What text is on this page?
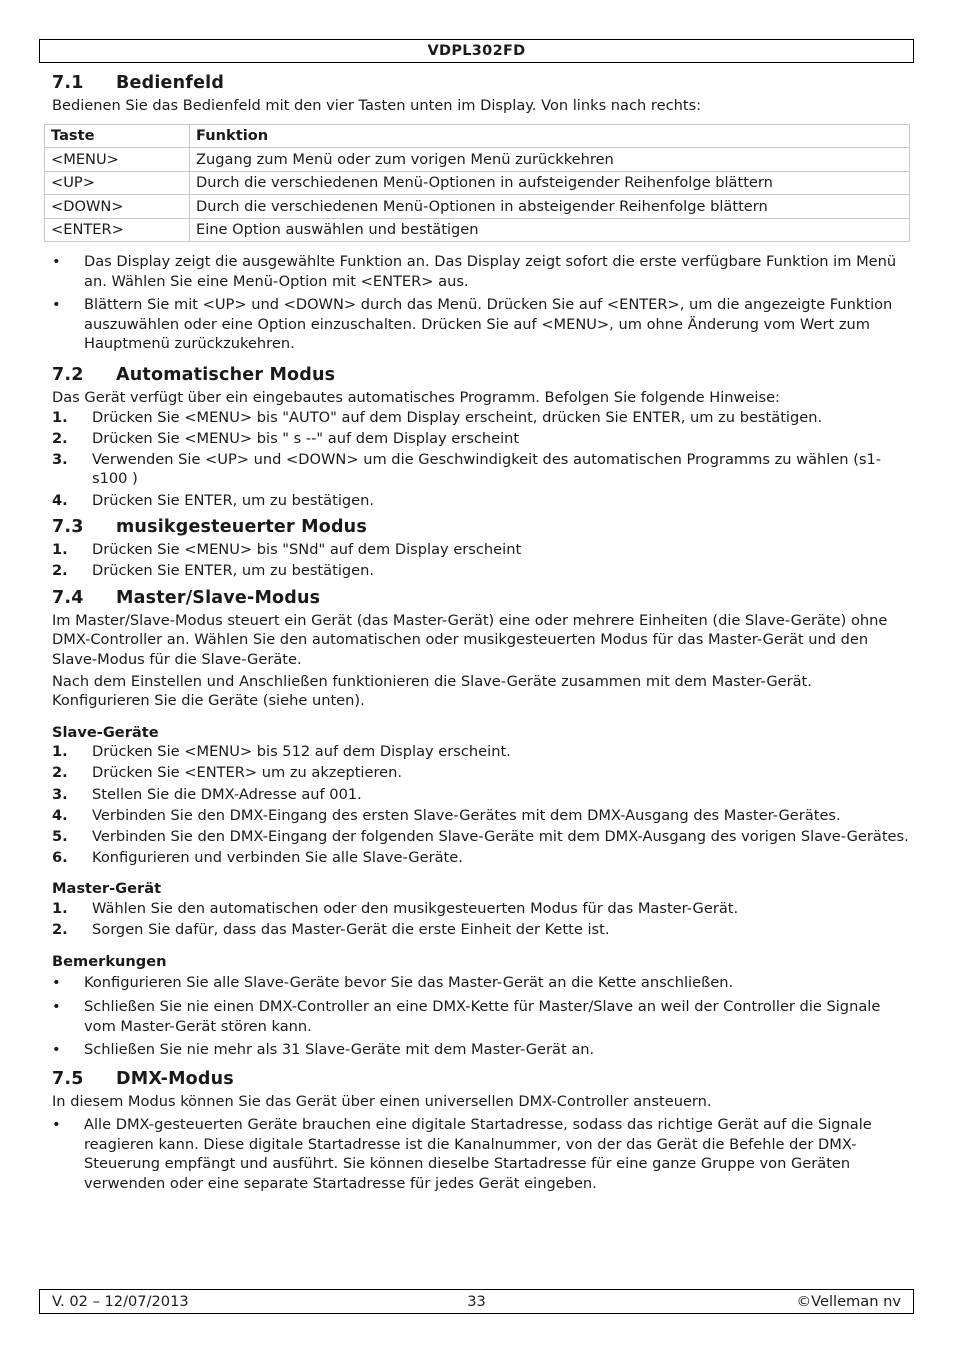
VDPL302FD
7.1 Bedienfeld

Bedienen Sie das Bedienfeld mit den vier Tasten unten im Display. Von links nach rechts:

Taste	Funktion
<MENU>	Zugang zum Menü oder zum vorigen Menü zurückkehren
<UP>	Durch die verschiedenen Menü-Optionen in aufsteigender Reihenfolge blättern
<DOWN>	Durch die verschiedenen Menü-Optionen in absteigender Reihenfolge blättern
<ENTER>	Eine Option auswählen und bestätigen
• Das Display zeigt die ausgewählte Funktion an. Das Display zeigt sofort die erste verfügbare Funktion im Menü an. Wählen Sie eine Menü-Option mit <ENTER> aus.
• Blättern Sie mit <UP> und <DOWN> durch das Menü. Drücken Sie auf <ENTER>, um die angezeigte Funktion auszuwählen oder eine Option einzuschalten. Drücken Sie auf <MENU>, um ohne Änderung vom Wert zum Hauptmenü zurückzukehren.
7.2 Automatischer Modus

Das Gerät verfügt über ein eingebautes automatisches Programm. Befolgen Sie folgende Hinweise:

1. Drücken Sie <MENU> bis "AUTO" auf dem Display erscheint, drücken Sie ENTER, um zu bestätigen.
2. Drücken Sie <MENU> bis " s --" auf dem Display erscheint
3. Verwenden Sie <UP> und <DOWN> um die Geschwindigkeit des automatischen Programms zu wählen (s1- s100 )
4. Drücken Sie ENTER, um zu bestätigen.
7.3 musikgesteuerter Modus
1. Drücken Sie <MENU> bis "SNd" auf dem Display erscheint
2. Drücken Sie ENTER, um zu bestätigen.
7.4 Master/Slave-Modus

Im Master/Slave-Modus steuert ein Gerät (das Master-Gerät) eine oder mehrere Einheiten (die Slave-Geräte) ohne DMX-Controller an. Wählen Sie den automatischen oder musikgesteuerten Modus für das Master-Gerät und den Slave-Modus für die Slave-Geräte.

Nach dem Einstellen und Anschließen funktionieren die Slave-Geräte zusammen mit dem Master-Gerät. Konfigurieren Sie die Geräte (siehe unten).

Slave-Geräte

1. Drücken Sie <MENU> bis 512 auf dem Display erscheint.
2. Drücken Sie <ENTER> um zu akzeptieren.
3. Stellen Sie die DMX-Adresse auf 001.
4. Verbinden Sie den DMX-Eingang des ersten Slave-Gerätes mit dem DMX-Ausgang des Master-Gerätes.
5. Verbinden Sie den DMX-Eingang der folgenden Slave-Geräte mit dem DMX-Ausgang des vorigen Slave-Gerätes.
6. Konfigurieren und verbinden Sie alle Slave-Geräte.

Master-Gerät

1. Wählen Sie den automatischen oder den musikgesteuerten Modus für das Master-Gerät.
2. Sorgen Sie dafür, dass das Master-Gerät die erste Einheit der Kette ist.

Bemerkungen

• Konfigurieren Sie alle Slave-Geräte bevor Sie das Master-Gerät an die Kette anschließen.
• Schließen Sie nie einen DMX-Controller an eine DMX-Kette für Master/Slave an weil der Controller die Signale vom Master-Gerät stören kann.
• Schließen Sie nie mehr als 31 Slave-Geräte mit dem Master-Gerät an.
7.5 DMX-Modus

In diesem Modus können Sie das Gerät über einen universellen DMX-Controller ansteuern.

• Alle DMX-gesteuerten Geräte brauchen eine digitale Startadresse, sodass das richtige Gerät auf die Signale reagieren kann. Diese digitale Startadresse ist die Kanalnummer, von der das Gerät die Befehle der DMX-Steuerung empfängt und ausführt. Sie können dieselbe Startadresse für eine ganze Gruppe von Geräten verwenden oder eine separate Startadresse für jedes Gerät eingeben.
V. 02 – 12/07/2013	33	©Velleman nv
